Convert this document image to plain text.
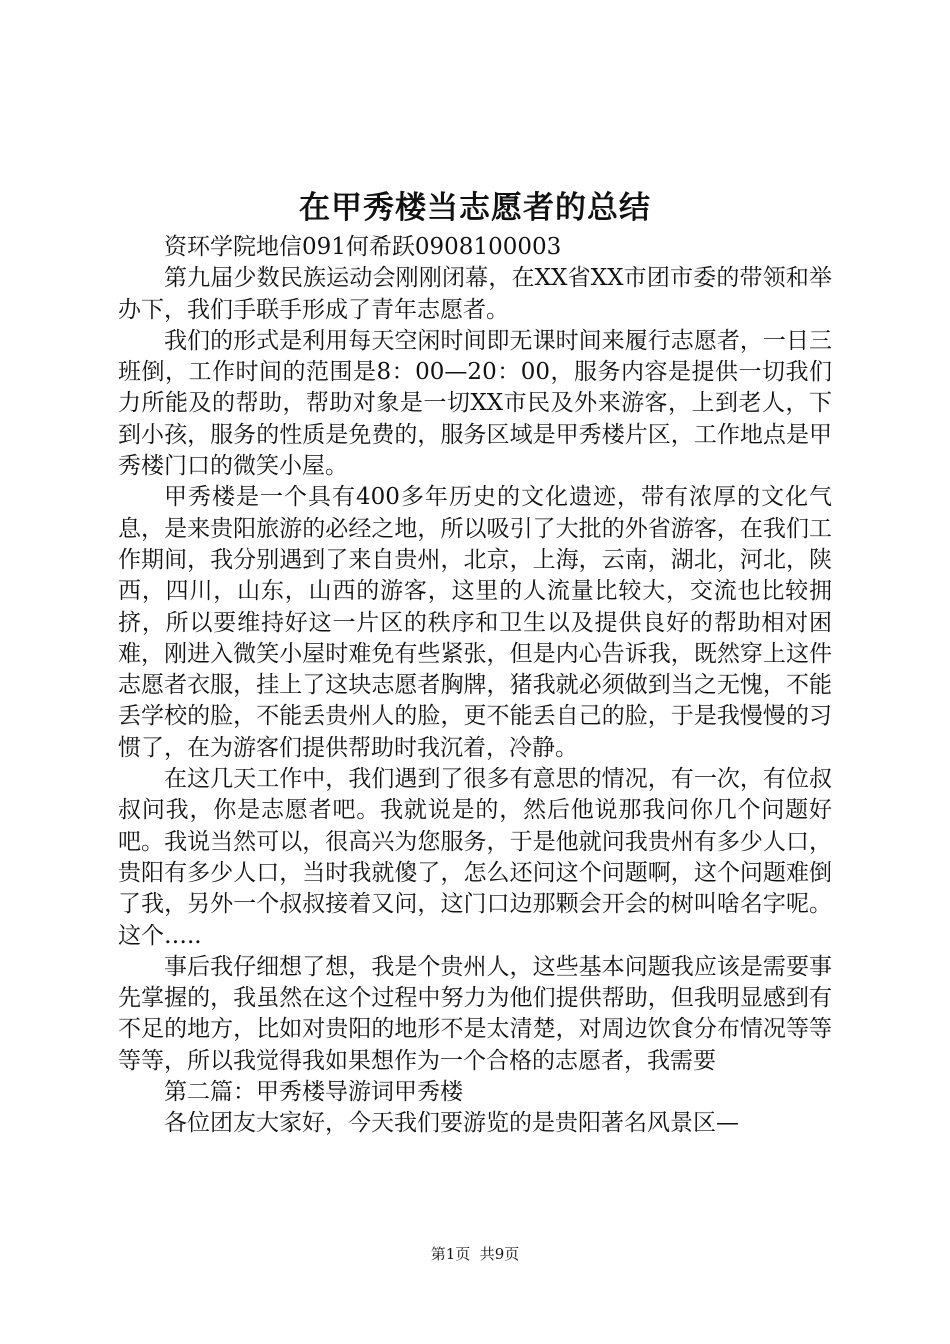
在甲秀楼当志愿者的总结

资环学院地信091何希跃0908100003

第九届少数民族运动会刚刚闭幕，在XX省XX市团市委的带领和举办下，我们手联手形成了青年志愿者。

我们的形式是利用每天空闲时间即无课时间来履行志愿者，一日三班倒，工作时间的范围是8：00—20：00，服务内容是提供一切我们力所能及的帮助，帮助对象是一切XX市民及外来游客，上到老人，下到小孩，服务的性质是免费的，服务区域是甲秀楼片区，工作地点是甲秀楼门口的微笑小屋。

甲秀楼是一个具有400多年历史的文化遗迹，带有浓厚的文化气息，是来贵阳旅游的必经之地，所以吸引了大批的外省游客，在我们工作期间，我分别遇到了来自贵州，北京，上海，云南，湖北，河北，陕西，四川，山东，山西的游客，这里的人流量比较大，交流也比较拥挤，所以要维持好这一片区的秩序和卫生以及提供良好的帮助相对困难，刚进入微笑小屋时难免有些紧张，但是内心告诉我，既然穿上这件志愿者衣服，挂上了这块志愿者胸牌，猪我就必须做到当之无愧，不能丢学校的脸，不能丢贵州人的脸，更不能丢自己的脸，于是我慢慢的习惯了，在为游客们提供帮助时我沉着，冷静。

在这几天工作中，我们遇到了很多有意思的情况，有一次，有位叔叔问我，你是志愿者吧。我就说是的，然后他说那我问你几个问题好吧。我说当然可以，很高兴为您服务，于是他就问我贵州有多少人口，贵阳有多少人口，当时我就傻了，怎么还问这个问题啊，这个问题难倒了我，另外一个叔叔接着又问，这门口边那颗会开会的树叫啥名字呢。这个…..

事后我仔细想了想，我是个贵州人，这些基本问题我应该是需要事先掌握的，我虽然在这个过程中努力为他们提供帮助，但我明显感到有不足的地方，比如对贵阳的地形不是太清楚，对周边饮食分布情况等等等等，所以我觉得我如果想作为一个合格的志愿者，我需要

第二篇：甲秀楼导游词甲秀楼

各位团友大家好，今天我们要游览的是贵阳著名风景区—

第1页  共9页
